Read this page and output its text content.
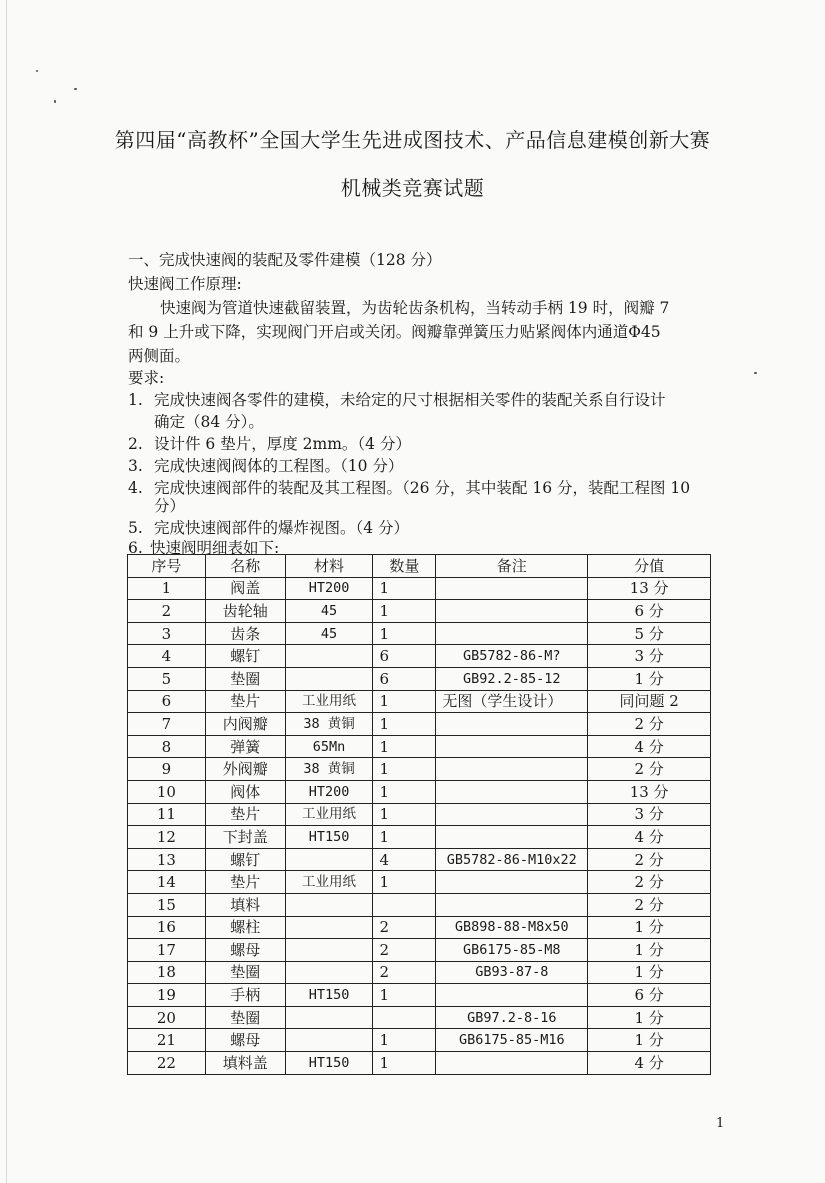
第四届“高教杯”全国大学生先进成图技术、产品信息建模创新大赛
机械类竞赛试题
一、完成快速阀的装配及零件建模（128 分）
快速阀工作原理:
快速阀为管道快速截留装置，为齿轮齿条机构，当转动手柄 19 时，阀瓣 7
和 9 上升或下降，实现阀门开启或关闭。阀瓣靠弹簧压力贴紧阀体内通道Φ45
两侧面。
要求:
1. 完成快速阀各零件的建模，未给定的尺寸根据相关零件的装配关系自行设计
确定（84 分）。
2. 设计件 6 垫片，厚度 2mm。（4 分）
3. 完成快速阀阀体的工程图。（10 分）
4. 完成快速阀部件的装配及其工程图。（26 分，其中装配 16 分，装配工程图 10
分）
5. 完成快速阀部件的爆炸视图。（4 分）
6. 快速阀明细表如下:
序号	名称	材料	数量	备注	分值
1	阀盖	HT200	1		13 分
2	齿轮轴	45	1		6 分
3	齿条	45	1		5 分
4	螺钉		6	GB5782-86-M?	3 分
5	垫圈		6	GB92.2-85-12	1 分
6	垫片	工业用纸	1	无图（学生设计）	同问题 2
7	内阀瓣	38 黄铜	1		2 分
8	弹簧	65Mn	1		4 分
9	外阀瓣	38 黄铜	1		2 分
10	阀体	HT200	1		13 分
11	垫片	工业用纸	1		3 分
12	下封盖	HT150	1		4 分
13	螺钉		4	GB5782-86-M10x22	2 分
14	垫片	工业用纸	1		2 分
15	填料				2 分
16	螺柱		2	GB898-88-M8x50	1 分
17	螺母		2	GB6175-85-M8	1 分
18	垫圈		2	GB93-87-8	1 分
19	手柄	HT150	1		6 分
20	垫圈			GB97.2-8-16	1 分
21	螺母		1	GB6175-85-M16	1 分
22	填料盖	HT150	1		4 分
1
